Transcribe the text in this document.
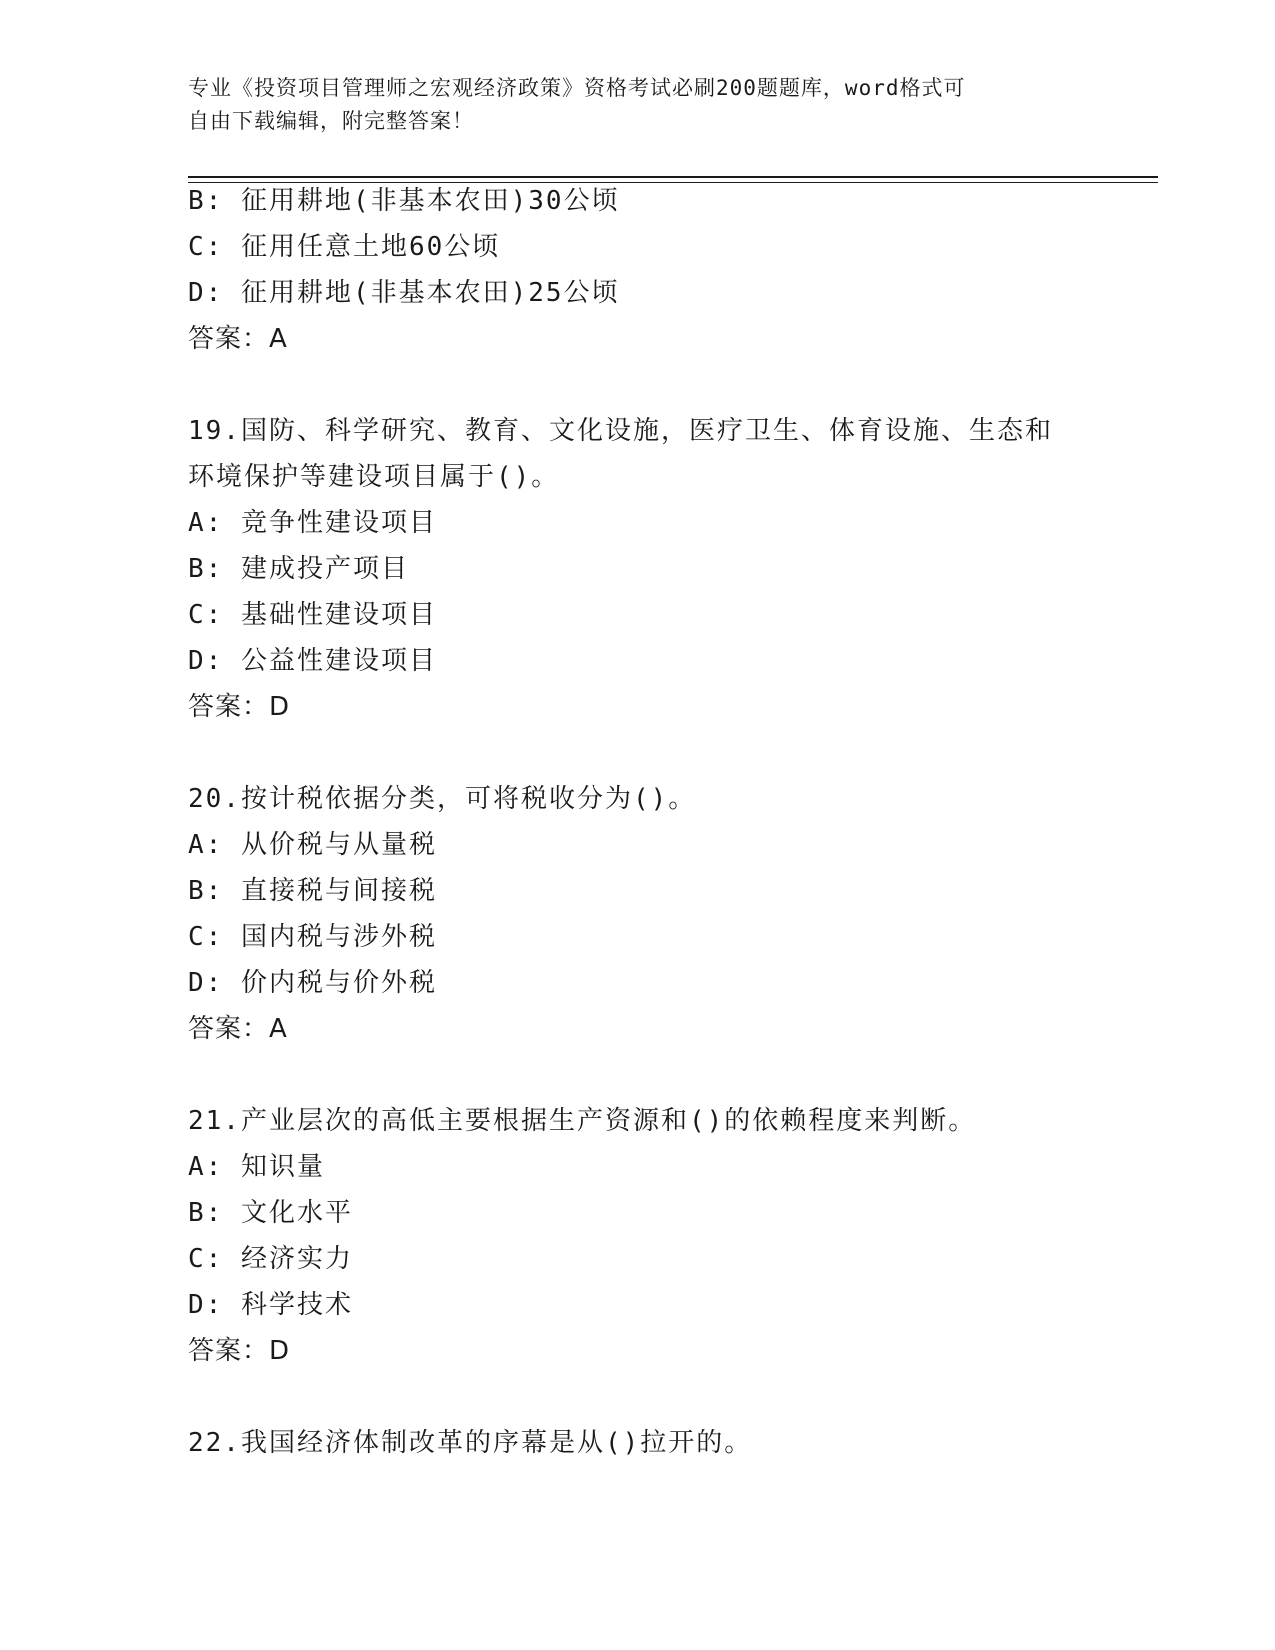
专业《投资项目管理师之宏观经济政策》资格考试必刷200题题库，word格式可
自由下载编辑，附完整答案！
B: 征用耕地(非基本农田)30公顷
C: 征用任意土地60公顷
D: 征用耕地(非基本农田)25公顷
答案：A
19.国防、科学研究、教育、文化设施，医疗卫生、体育设施、生态和
环境保护等建设项目属于()。
A: 竞争性建设项目
B: 建成投产项目
C: 基础性建设项目
D: 公益性建设项目
答案：D
20.按计税依据分类，可将税收分为()。
A: 从价税与从量税
B: 直接税与间接税
C: 国内税与涉外税
D: 价内税与价外税
答案：A
21.产业层次的高低主要根据生产资源和()的依赖程度来判断。
A: 知识量
B: 文化水平
C: 经济实力
D: 科学技术
答案：D
22.我国经济体制改革的序幕是从()拉开的。
